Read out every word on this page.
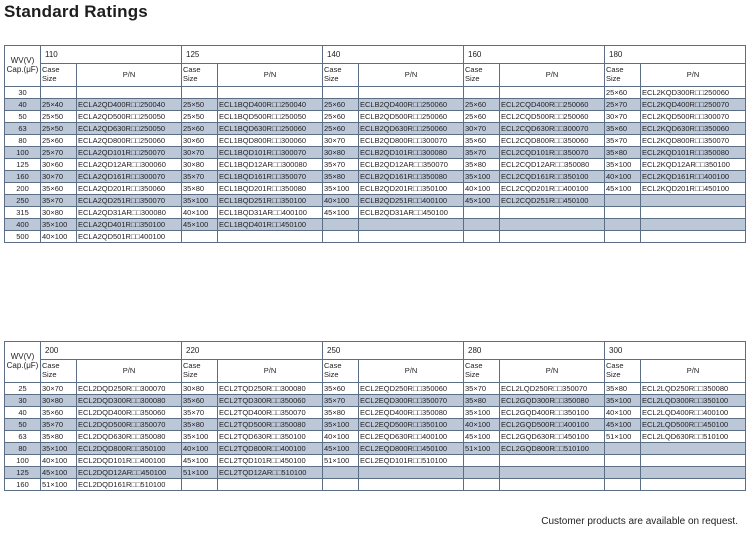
Standard Ratings
WV(V)
Cap.(μF)	110		125		140		160		180	
	Case Size	P/N	Case Size	P/N	Case Size	P/N	Case Size	P/N	Case Size	P/N
30									25×60	ECL2KQD300R□□250060
40	25×40	ECLA2QD400R□□250040	25×50	ECL1BQD400R□□250040	25×60	ECLB2QD400R□□250060	25×60	ECL2CQD400R□□250060	25×70	ECL2KQD400R□□250070
50	25×50	ECLA2QD500R□□250050	25×50	ECL1BQD500R□□250050	25×60	ECLB2QD500R□□250060	25×60	ECL2CQD500R□□250060	30×70	ECL2KQD500R□□300070
63	25×50	ECLA2QD630R□□250050	25×60	ECL1BQD630R□□250060	25×60	ECLB2QD630R□□250060	30×70	ECL2CQD630R□□300070	35×60	ECL2KQD630R□□350060
80	25×60	ECLA2QD800R□□250060	30×60	ECL1BQD800R□□300060	30×70	ECLB2QD800R□□300070	35×60	ECL2CQD800R□□350060	35×70	ECL2KQD800R□□350070
100	25×70	ECLA2QD101R□□250070	30×70	ECL1BQD101R□□300070	30×80	ECLB2QD101R□□300080	35×70	ECL2CQD101R□□350070	35×80	ECL2KQD101R□□350080
125	30×60	ECLA2QD12AR□□300060	30×80	ECL1BQD12AR□□300080	35×70	ECLB2QD12AR□□350070	35×80	ECL2CQD12AR□□350080	35×100	ECL2KQD12AR□□350100
160	30×70	ECLA2QD161R□□300070	35×70	ECL1BQD161R□□350070	35×80	ECLB2QD161R□□350080	35×100	ECL2CQD161R□□350100	40×100	ECL2KQD161R□□400100
200	35×60	ECLA2QD201R□□350060	35×80	ECL1BQD201R□□350080	35×100	ECLB2QD201R□□350100	40×100	ECL2CQD201R□□400100	45×100	ECL2KQD201R□□450100
250	35×70	ECLA2QD251R□□350070	35×100	ECL1BQD251R□□350100	40×100	ECLB2QD251R□□400100	45×100	ECL2CQD251R□□450100		
315	30×80	ECLA2QD31AR□□300080	40×100	ECL1BQD31AR□□400100	45×100	ECLB2QD31AR□□450100				
400	35×100	ECLA2QD401R□□350100	45×100	ECL1BQD401R□□450100						
500	40×100	ECLA2QD501R□□400100								
WV(V)
Cap.(μF)	200		220		250		280		300	
	Case Size	P/N	Case Size	P/N	Case Size	P/N	Case Size	P/N	Case Size	P/N
25	30×70	ECL2DQD250R□□300070	30×80	ECL2TQD250R□□300080	35×60	ECL2EQD250R□□350060	35×70	ECL2LQD250R□□350070	35×80	ECL2LQD250R□□350080
30	30×80	ECL2DQD300R□□300080	35×60	ECL2TQD300R□□350060	35×70	ECL2EQD300R□□350070	35×80	ECL2GQD300R□□350080	35×100	ECL2LQD300R□□350100
40	35×60	ECL2DQD400R□□350060	35×70	ECL2TQD400R□□350070	35×80	ECL2EQD400R□□350080	35×100	ECL2GQD400R□□350100	40×100	ECL2LQD400R□□400100
50	35×70	ECL2DQD500R□□350070	35×80	ECL2TQD500R□□350080	35×100	ECL2EQD500R□□350100	40×100	ECL2GQD500R□□400100	45×100	ECL2LQD500R□□450100
63	35×80	ECL2DQD630R□□350080	35×100	ECL2TQD630R□□350100	40×100	ECL2EQD630R□□400100	45×100	ECL2GQD630R□□450100	51×100	ECL2LQD630R□□510100
80	35×100	ECL2DQD800R□□350100	40×100	ECL2TQD800R□□400100	45×100	ECL2EQD800R□□450100	51×100	ECL2GQD800R□□510100		
100	40×100	ECL2DQD101R□□400100	45×100	ECL2TQD101R□□450100	51×100	ECL2EQD101R□□510100				
125	45×100	ECL2DQD12AR□□450100	51×100	ECL2TQD12AR□□510100						
160	51×100	ECL2DQD161R□□510100								
Customer products are available on request.
